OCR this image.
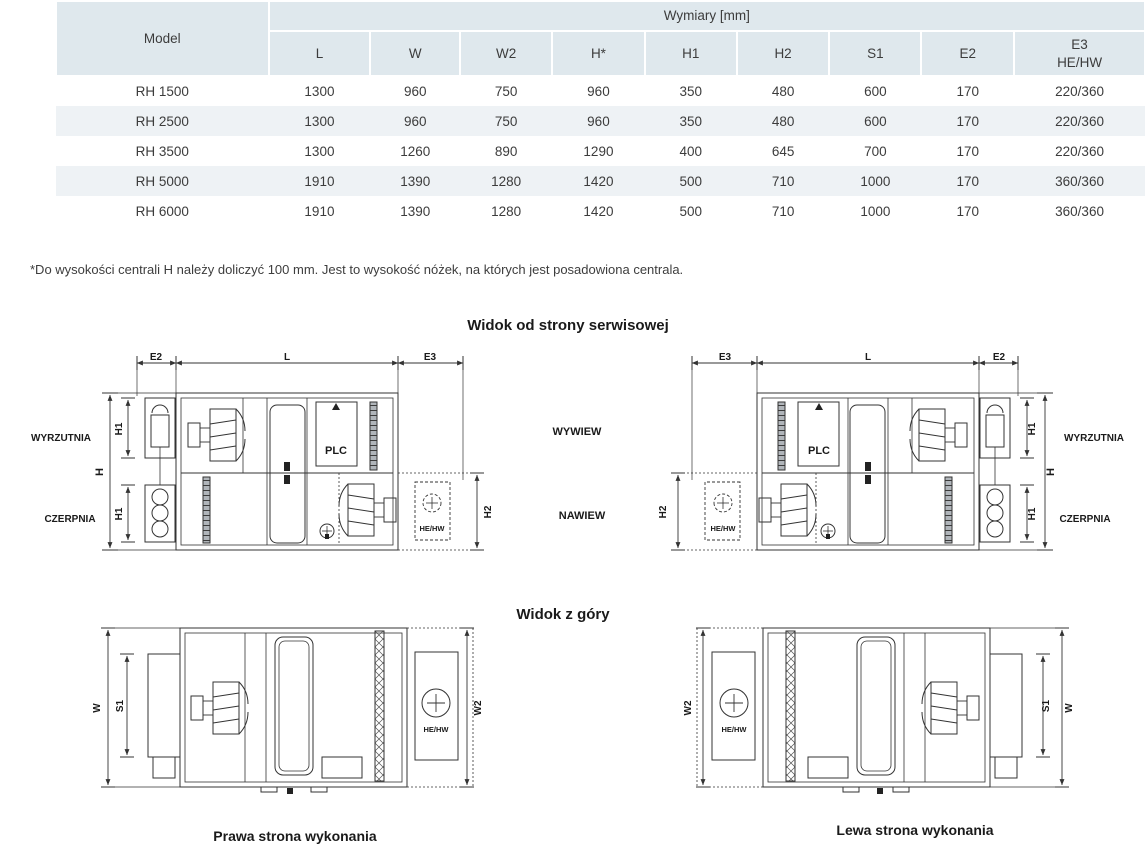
Model	Wymiary [mm]								

	L	W	W2	H*	H1	H2	S1	E2	E3
HE/HW

RH 1500	1300	960	750	960	350	480	600	170	220/360
RH 2500	1300	960	750	960	350	480	600	170	220/360
RH 3500	1300	1260	890	1290	400	645	700	170	220/360
RH 5000	1910	1390	1280	1420	500	710	1000	170	360/360
RH 6000	1910	1390	1280	1420	500	710	1000	170	360/360
*Do wysokości centrali H należy doliczyć 100 mm. Jest to wysokość nóżek, na których jest posadowiona centrala.
Widok od strony serwisowej
Widok z góry
WYWIEW
NAWIEW
Prawa strona wykonania	Lewa strona wykonania
E2	L	E3
H1
H1
H
H2
WYRZUTNIA
CZERPNIA
PLC
HE/HW
E3	L	E2
H1
H1
H
H2
WYRZUTNIA
CZERPNIA
PLC
HE/HW
W S1	W2
HE/HW
W
S1
W2
HE/HW
